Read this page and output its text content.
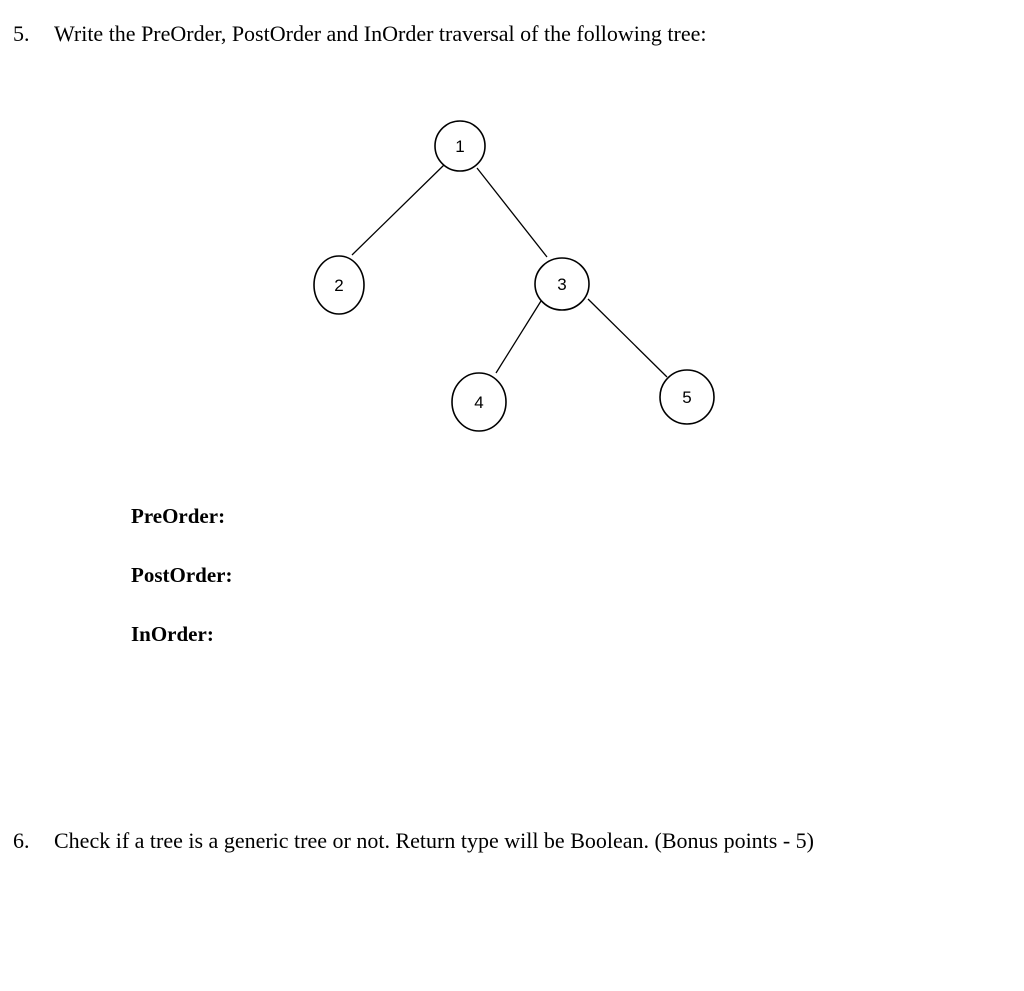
5. Write the PreOrder, PostOrder and InOrder traversal of the following tree:
1
2	3
4	5
PreOrder:
PostOrder:
InOrder:
6. Check if a tree is a generic tree or not. Return type will be Boolean. (Bonus points - 5)
